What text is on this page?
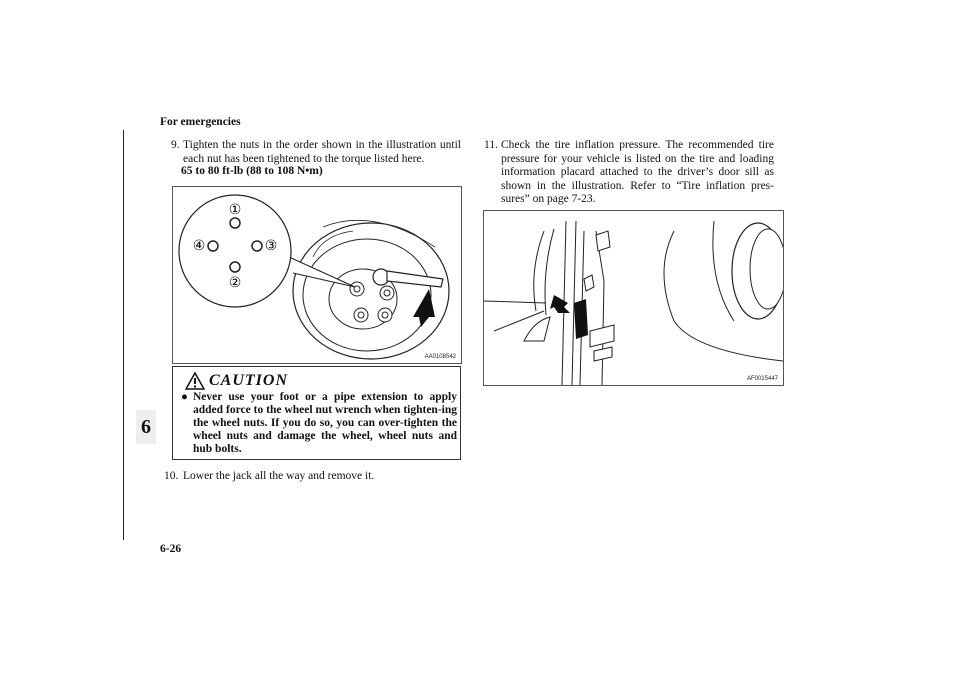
For emergencies
6
9. Tighten the nuts in the order shown in the illustration until each nut has been tightened to the torque listed here.
65 to 80 ft-lb (88 to 108 N•m)
①
②
③
④
AA0108542
CAUTION
● Never use your foot or a pipe extension to apply added force to the wheel nut wrench when tighten-ing the wheel nuts. If you do so, you can over-tighten the wheel nuts and damage the wheel, wheel nuts and hub bolts.
10. Lower the jack all the way and remove it.
11. Check the tire inflation pressure. The recommended tire pressure for your vehicle is listed on the tire and loading information placard attached to the driver’s door sill as shown in the illustration. Refer to “Tire inflation pres-sures” on page 7-23.
AF0015447
6-26
